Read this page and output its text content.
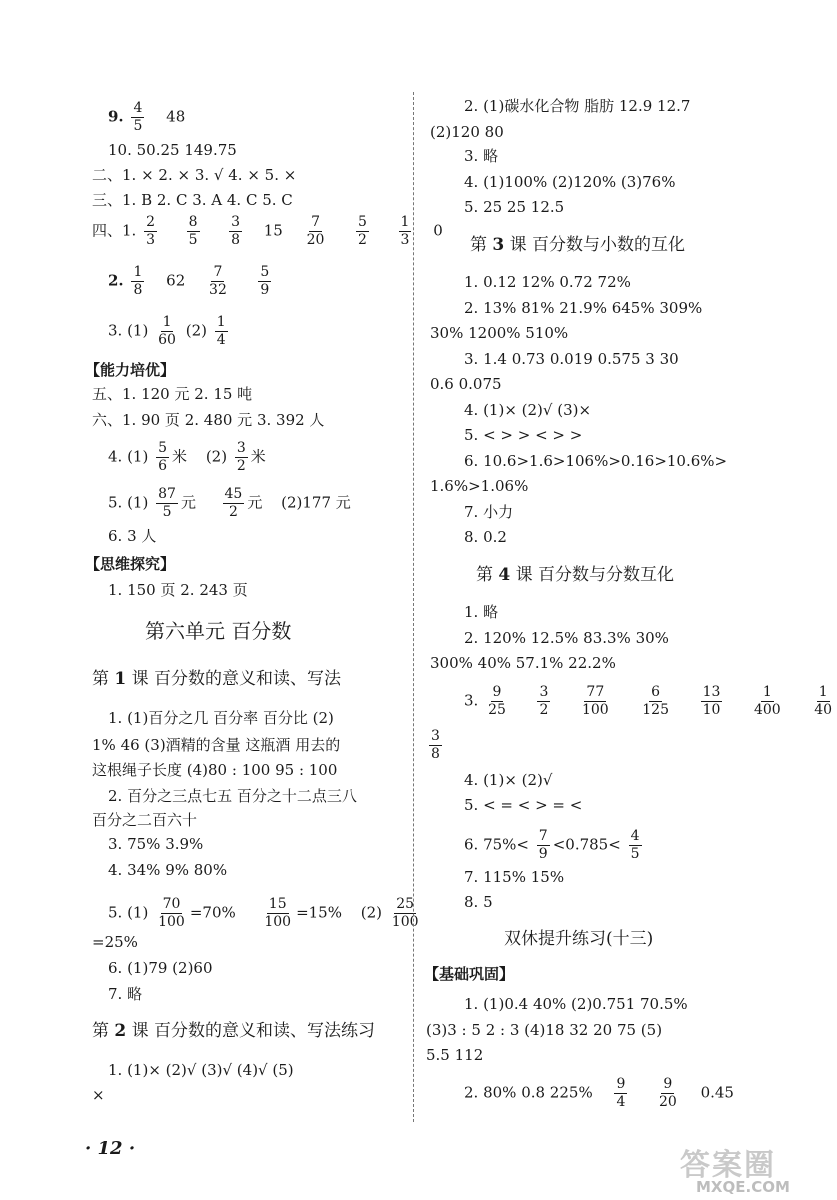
9. $\frac{4}{5} 48$
10. 50.25 149.75
二、1. × 2. × 3. √ 4. × 5. ×
三、1. B 2. C 3. A 4. C 5. C
四、1. $\frac{2}{3}$
$\frac{8}{5}$
$\frac{3}{8} 15 \frac{7}{20}$
$\frac{5}{2}$
$\frac{1}{3} 0$
2. $\frac{1}{8} 62 \frac{7}{32}$
$\frac{5}{9}$
3. $(1) \frac{1}{60} (2) \frac{1}{4}$
【能力培优】
五、1. 120 元 2. 15 吨
六、1. 90 页 2. 480 元 3. 392 人
4. $(1) \frac{5}{6}$ 米 $(2) \frac{3}{2}$ 米
5. $(1) \frac{87}{5}$ 元 $\frac{45}{2}$ 元 (2)177 元
6. 3 人
【思维探究】
1. 150 页 2. 243 页
第六单元 百分数
第 1 课 百分数的意义和读、写法
1. (1)百分之几 百分率 百分比 (2)
1% 46 (3)酒精的含量 这瓶酒 用去的
这根绳子长度 (4)80 : 100 95 : 100
2. 百分之三点七五 百分之十二点三八
百分之二百六十
3. 75% 3.9%
4. 34% 9% 80%
5. $(1) \frac{70}{100} =70\% \frac{15}{100} =15\%$ $(2) \frac{25}{100}$
=25%
6. (1)79 (2)60
7. 略
第 2 课 百分数的意义和读、写法练习
1. (1)× (2)√ (3)√ (4)√ (5)
×
· 12 ·
2. (1)碳水化合物 脂肪 12.9 12.7
(2)120 80
3. 略
4. (1)100% (2)120% (3)76%
5. 25 25 12.5
第 3 课 百分数与小数的互化
1. 0.12 12% 0.72 72%
2. 13% 81% 21.9% 645% 309%
30% 1200% 510%
3. 1.4 0.73 0.019 0.575 3 30
0.6 0.075
4. (1)× (2)√ (3)×
5. < > > < > >
6. 10.6>1.6>106%>0.16>10.6%>
1.6%>1.06%
7. 小力
8. 0.2
第 4 课 百分数与分数互化
1. 略
2. 120% 12.5% 83.3% 30%
300% 40% 57.1% 22.2%
3. $\frac{9}{25}$
$\frac{3}{2}$
$\frac{77}{100}$
$\frac{6}{125}$
$\frac{13}{10}$
$\frac{1}{400}$
$\frac{1}{40}$
$\frac{3}{8}$
4. (1)× (2)√
5. < = < > = <
6. $75\%< \frac{7}{9} <0.785< \frac{4}{5}$
7. 115% 15%
8. 5
双休提升练习(十三)
【基础巩固】
1. (1)0.4 40% (2)0.751 70.5%
(3)3 : 5 2 : 3 (4)18 32 20 75 (5)
5.5 112
2. 80% 0.8 $225\% \frac{9}{4}$
$\frac{9}{20} 0.45$
答案圈
MXQE.COM
